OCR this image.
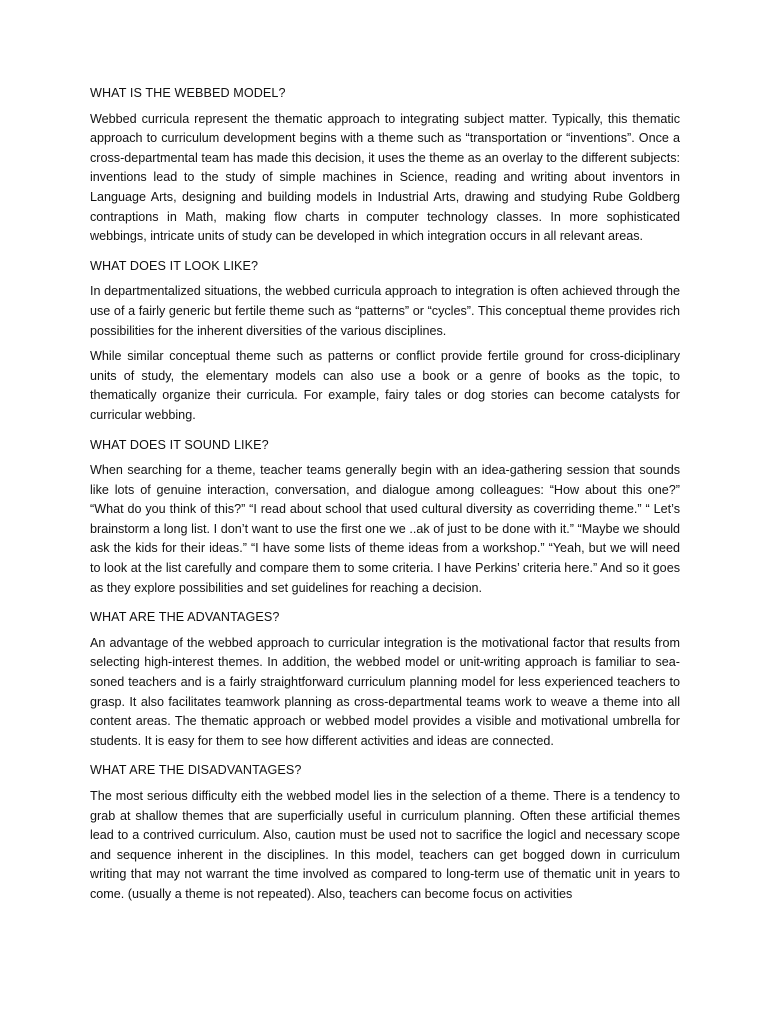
WHAT IS THE WEBBED MODEL?

Webbed curricula represent the thematic approach to integrating subject matter. Typically, this thematic approach to curriculum development begins with a theme such as “transportation or “inventions”. Once a cross-departmental team has made this decision, it uses the theme as an overlay to the different subjects: inventions lead to the study of simple machines in Science, reading and writing about inventors in Language Arts, designing and building models in Industrial Arts, drawing and studying Rube Goldberg contraptions in Math, making flow charts in computer technology classes. In more sophisticated webbings, intricate units of study can be developed in which integration occurs in all relevant areas.

WHAT DOES IT LOOK LIKE?

In departmentalized situations, the webbed curricula approach to integration is often achieved through the use of a fairly generic but fertile theme such as “patterns” or “cycles”. This conceptual theme provides rich possibilities for the inherent diversities of the various disciplines.

While similar conceptual theme such as patterns or conflict provide fertile ground for cross-diciplinary units of study, the elementary models can also use a book or a genre of books as the topic, to thematically organize their curricula. For example, fairy tales or dog stories can become catalysts for curricular webbing.

WHAT DOES IT SOUND LIKE?

When searching for a theme, teacher teams generally begin with an idea-gathering session that sounds like lots of genuine interaction, conversation, and dialogue among colleagues: “How about this one?” “What do you think of this?” “I read about school that used cultural diversity as coverriding theme.” “ Let’s brainstorm a long list. I don’t want to use the first one we ..ak of just to be done with it.” “Maybe we should ask the kids for their ideas.” “I have some lists of theme ideas from a workshop.” “Yeah, but we will need to look at the list carefully and compare them to some criteria. I have Perkins’ criteria here.” And so it goes as they explore possibilities and set guidelines for reaching a decision.

WHAT ARE THE ADVANTAGES?

An advantage of the webbed approach to curricular integration is the motivational factor that results from selecting high-interest themes. In addition, the webbed model or unit-writing approach is familiar to sea-soned teachers and is a fairly straightforward curriculum planning model for less experienced teachers to grasp. It also facilitates teamwork planning as cross-departmental teams work to weave a theme into all content areas. The thematic approach or webbed model provides a visible and motivational umbrella for students. It is easy for them to see how different activities and ideas are connected.

WHAT ARE THE DISADVANTAGES?

The most serious difficulty eith the webbed model lies in the selection of a theme. There is a tendency to grab at shallow themes that are superficially useful in curriculum planning. Often these artificial themes lead to a contrived curriculum. Also, caution must be used not to sacrifice the logicl and necessary scope and sequence inherent in the disciplines. In this model, teachers can get bogged down in curriculum writing that may not warrant the time involved as compared to long-term use of thematic unit in years to come. (usually a theme is not repeated). Also, teachers can become focus on activities
